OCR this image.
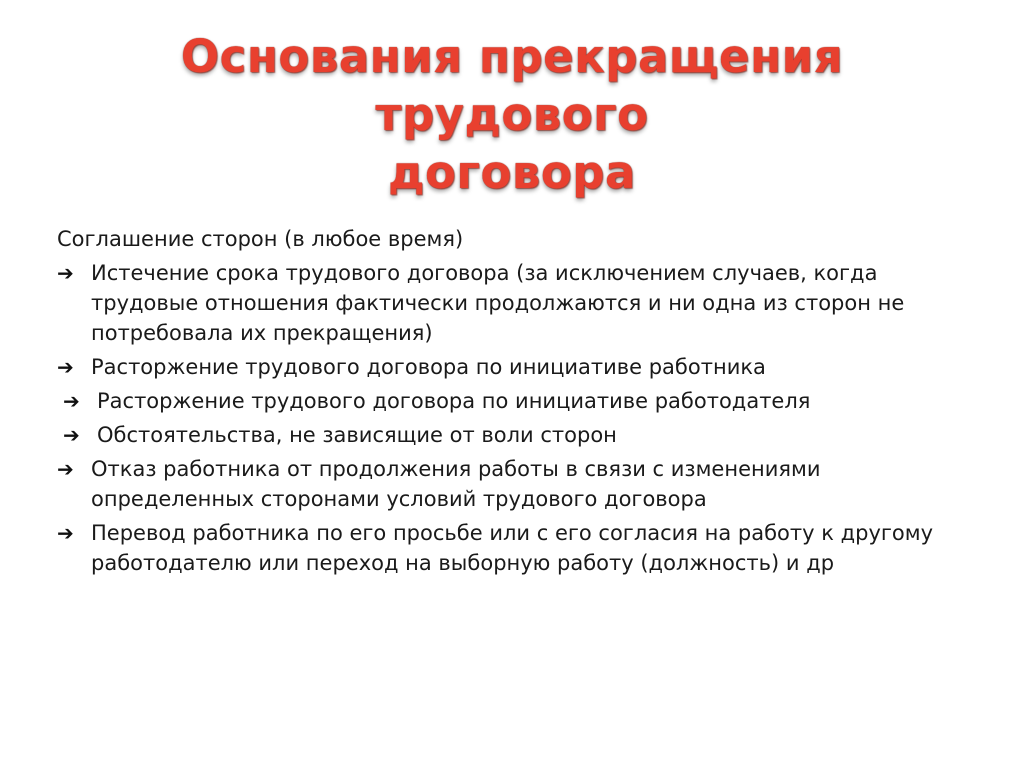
Основания прекращения трудового
договора
Соглашение сторон (в любое время)
➔ Истечение срока трудового договора (за исключением случаев, когда трудовые отношения фактически продолжаются и ни одна из сторон не потребовала их прекращения)
➔ Расторжение трудового договора по инициативе работника
➔ Расторжение трудового договора по инициативе работодателя
➔ Обстоятельства, не зависящие от воли сторон
➔ Отказ работника от продолжения работы в связи с изменениями определенных сторонами условий трудового договора
➔ Перевод работника по его просьбе или с его согласия на работу к другому работодателю или переход на выборную работу (должность) и др
